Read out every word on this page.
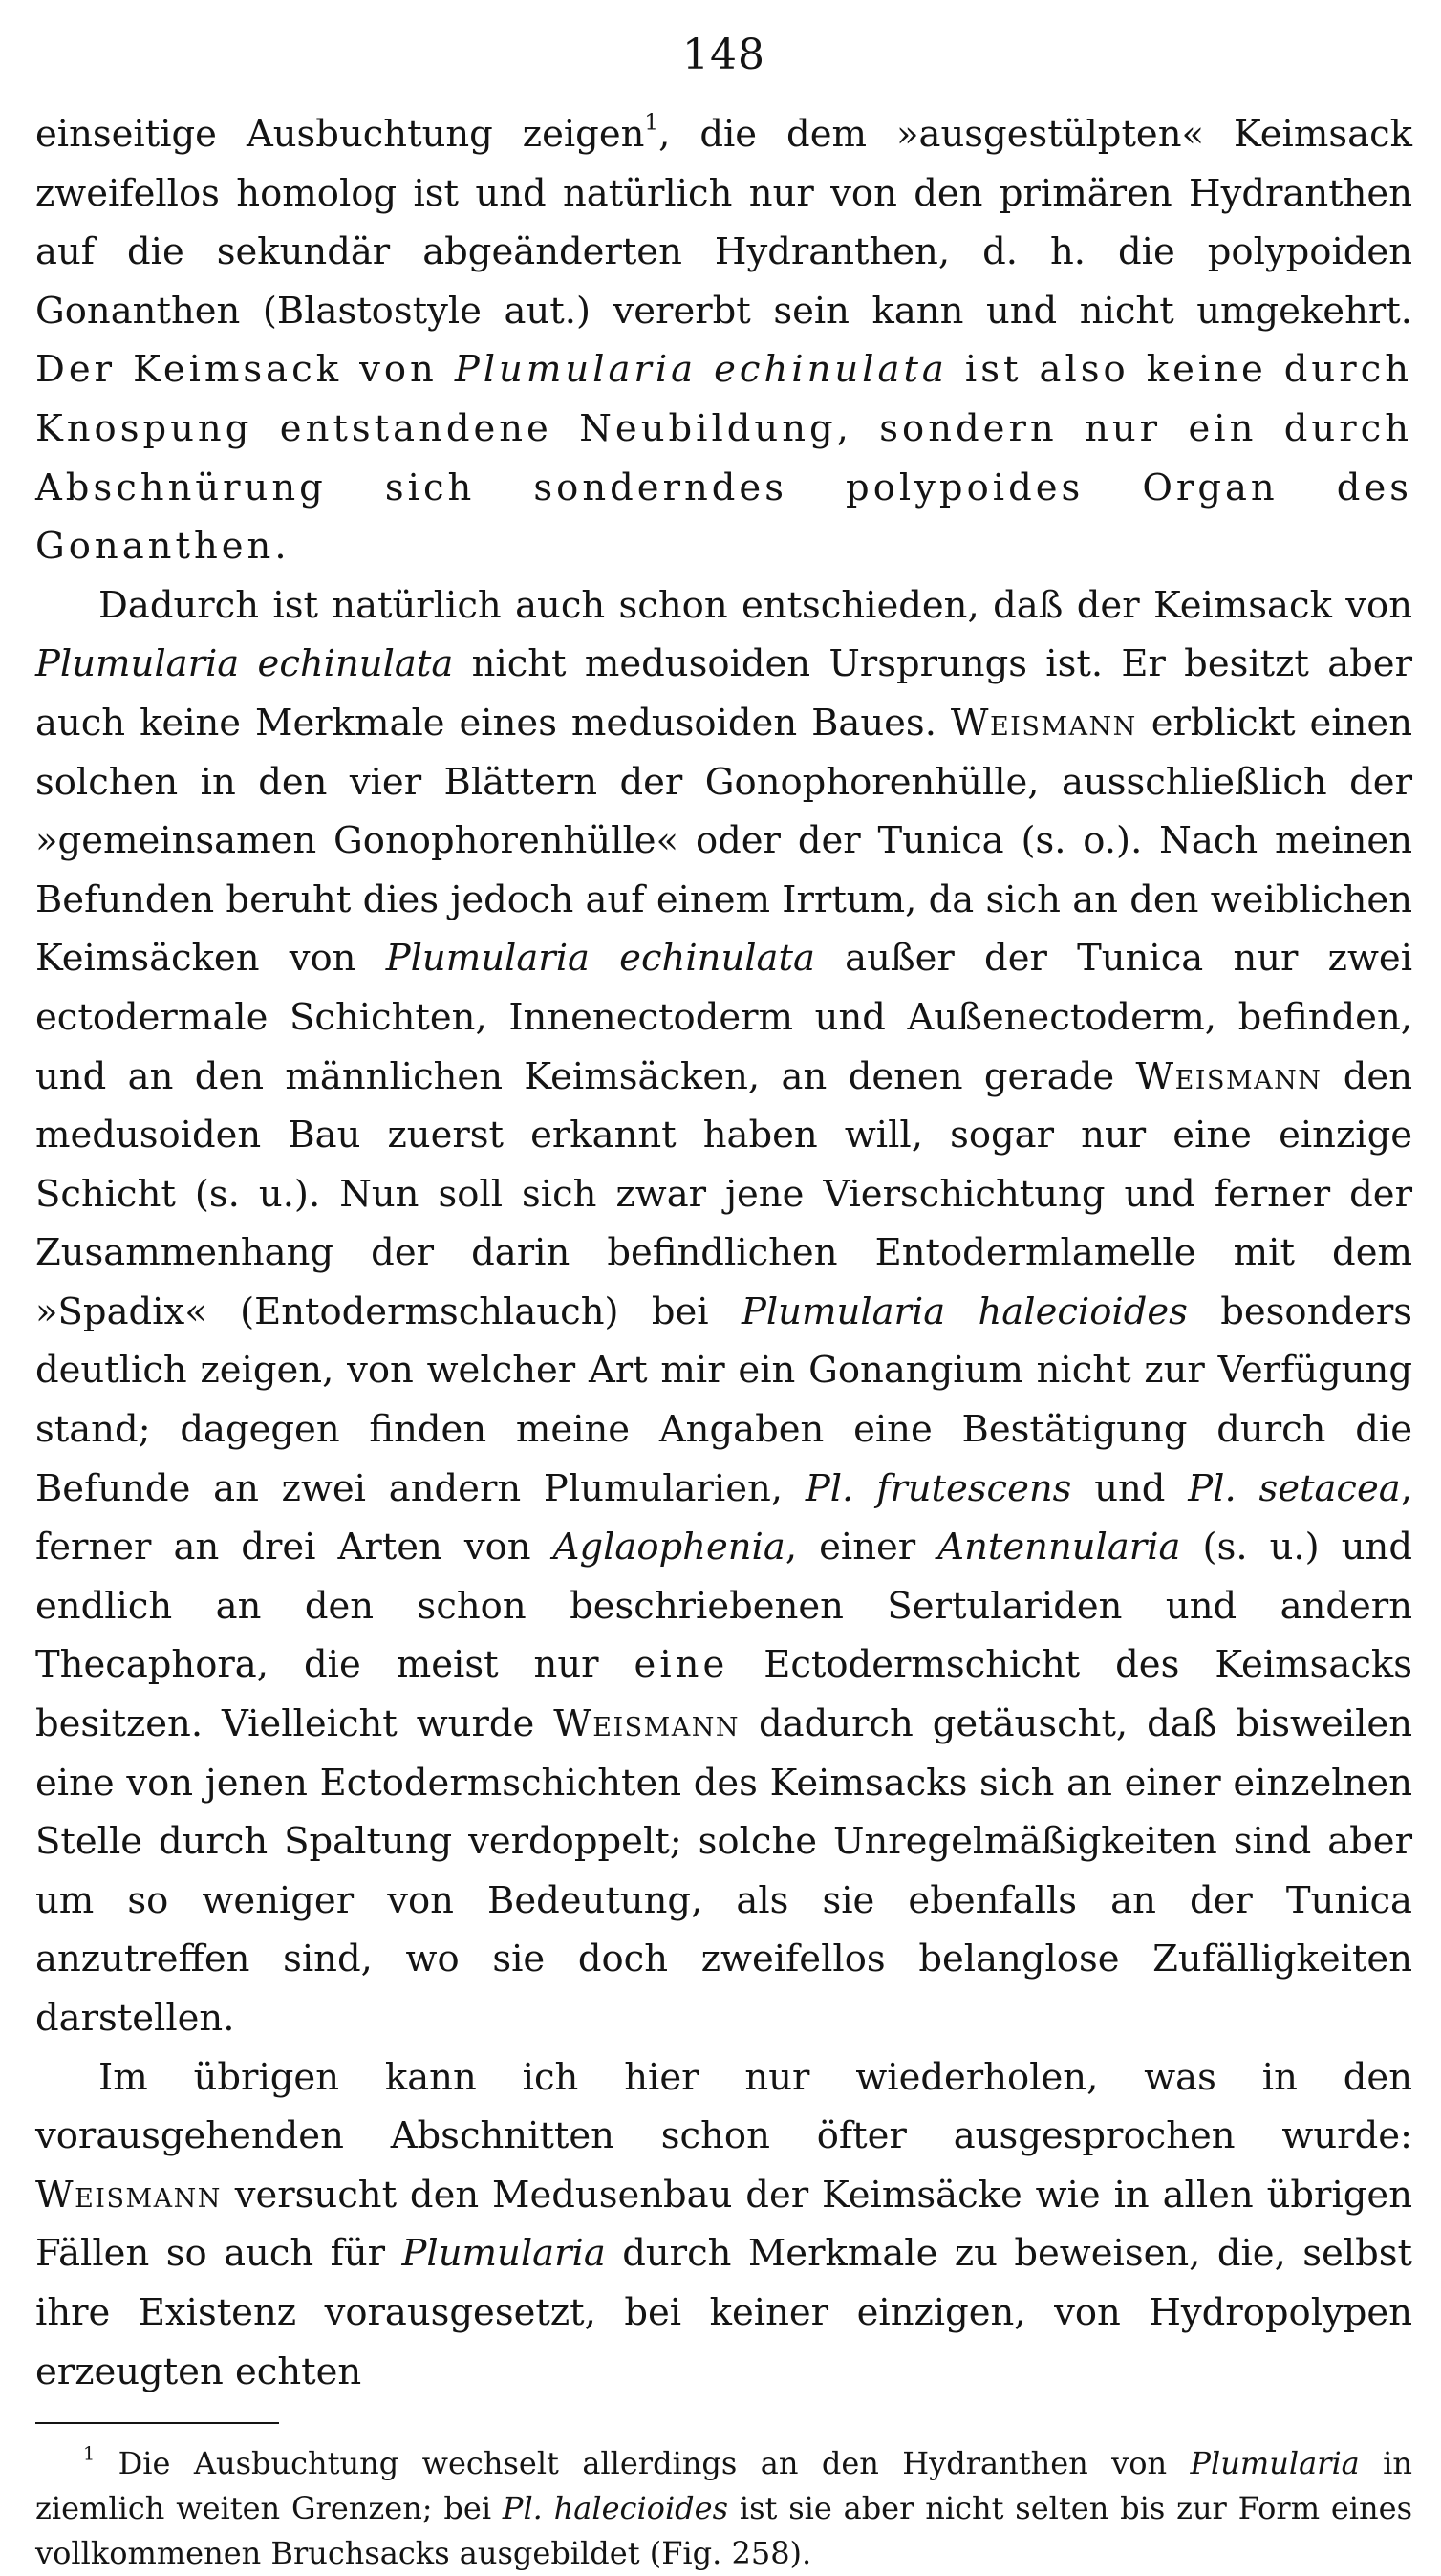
148

einseitige Ausbuchtung zeigen$^1$, die dem »ausgestülpten« Keimsack zweifellos homolog ist und natürlich nur von den primären Hydranthen auf die sekundär abgeänderten Hydranthen, d. h. die polypoiden Gonanthen (Blastostyle aut.) vererbt sein kann und nicht umgekehrt. Der Keimsack von Plumularia echinulata ist also keine durch Knospung entstandene Neubildung, sondern nur ein durch Abschnürung sich sonderndes polypoides Organ des Gonanthen.

Dadurch ist natürlich auch schon entschieden, daß der Keimsack von Plumularia echinulata nicht medusoiden Ursprungs ist. Er besitzt aber auch keine Merkmale eines medusoiden Baues. Weismann erblickt einen solchen in den vier Blättern der Gonophorenhülle, ausschließlich der »gemeinsamen Gonophorenhülle« oder der Tunica (s. o.). Nach meinen Befunden beruht dies jedoch auf einem Irrtum, da sich an den weiblichen Keimsäcken von Plumularia echinulata außer der Tunica nur zwei ectodermale Schichten, Innenectoderm und Außenectoderm, befinden, und an den männlichen Keimsäcken, an denen gerade Weismann den medusoiden Bau zuerst erkannt haben will, sogar nur eine einzige Schicht (s. u.). Nun soll sich zwar jene Vierschichtung und ferner der Zusammenhang der darin befindlichen Entodermlamelle mit dem »Spadix« (Entodermschlauch) bei Plumularia halecioides besonders deutlich zeigen, von welcher Art mir ein Gonangium nicht zur Verfügung stand; dagegen finden meine Angaben eine Bestätigung durch die Befunde an zwei andern Plumularien, Pl. frutescens und Pl. setacea, ferner an drei Arten von Aglaophenia, einer Antennularia (s. u.) und endlich an den schon beschriebenen Sertulariden und andern Thecaphora, die meist nur eine Ectodermschicht des Keimsacks besitzen. Vielleicht wurde Weismann dadurch getäuscht, daß bisweilen eine von jenen Ectodermschichten des Keimsacks sich an einer einzelnen Stelle durch Spaltung verdoppelt; solche Unregelmäßigkeiten sind aber um so weniger von Bedeutung, als sie ebenfalls an der Tunica anzutreffen sind, wo sie doch zweifellos belanglose Zufälligkeiten darstellen.

Im übrigen kann ich hier nur wiederholen, was in den vorausgehenden Abschnitten schon öfter ausgesprochen wurde: Weismann versucht den Medusenbau der Keimsäcke wie in allen übrigen Fällen so auch für Plumularia durch Merkmale zu beweisen, die, selbst ihre Existenz vorausgesetzt, bei keiner einzigen, von Hydropolypen erzeugten echten

$^1$ Die Ausbuchtung wechselt allerdings an den Hydranthen von Plumularia in ziemlich weiten Grenzen; bei Pl. halecioides ist sie aber nicht selten bis zur Form eines vollkommenen Bruchsacks ausgebildet (Fig. 258).
